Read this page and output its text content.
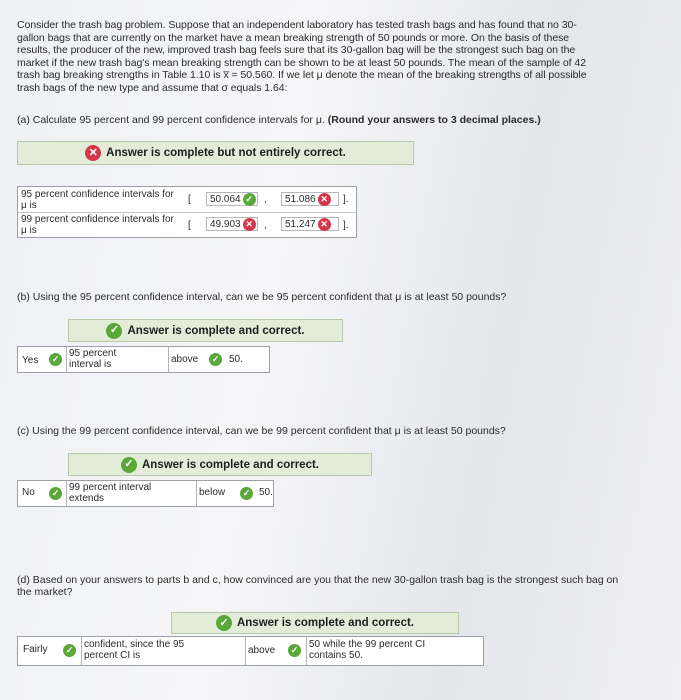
Consider the trash bag problem. Suppose that an independent laboratory has tested trash bags and has found that no 30-gallon bags that are currently on the market have a mean breaking strength of 50 pounds or more. On the basis of these results, the producer of the new, improved trash bag feels sure that its 30-gallon bag will be the strongest such bag on the market if the new trash bag's mean breaking strength can be shown to be at least 50 pounds. The mean of the sample of 42 trash bag breaking strengths in Table 1.10 is x̅ = 50.560. If we let μ denote the mean of the breaking strengths of all possible trash bags of the new type and assume that σ equals 1.64:
(a) Calculate 95 percent and 99 percent confidence intervals for μ. (Round your answers to 3 decimal places.)
✕ Answer is complete but not entirely correct.
95 percent confidence intervals for μ is	[ 50.064 ✓ , 51.086 ✕ ].
99 percent confidence intervals for μ is	[ 49.903 ✕ , 51.247 ✕ ].
(b) Using the 95 percent confidence interval, can we be 95 percent confident that μ is at least 50 pounds?
✓ Answer is complete and correct.
Yes	✓ 95 percent interval is	above	✓ 50.
(c) Using the 99 percent confidence interval, can we be 99 percent confident that μ is at least 50 pounds?
✓ Answer is complete and correct.
No	✓ 99 percent interval extends	below	✓ 50.
(d) Based on your answers to parts b and c, how convinced are you that the new 30-gallon trash bag is the strongest such bag on the market?
✓ Answer is complete and correct.
Fairly	✓ confident, since the 95 percent CI is	above	✓ 50 while the 99 percent CI contains 50.
